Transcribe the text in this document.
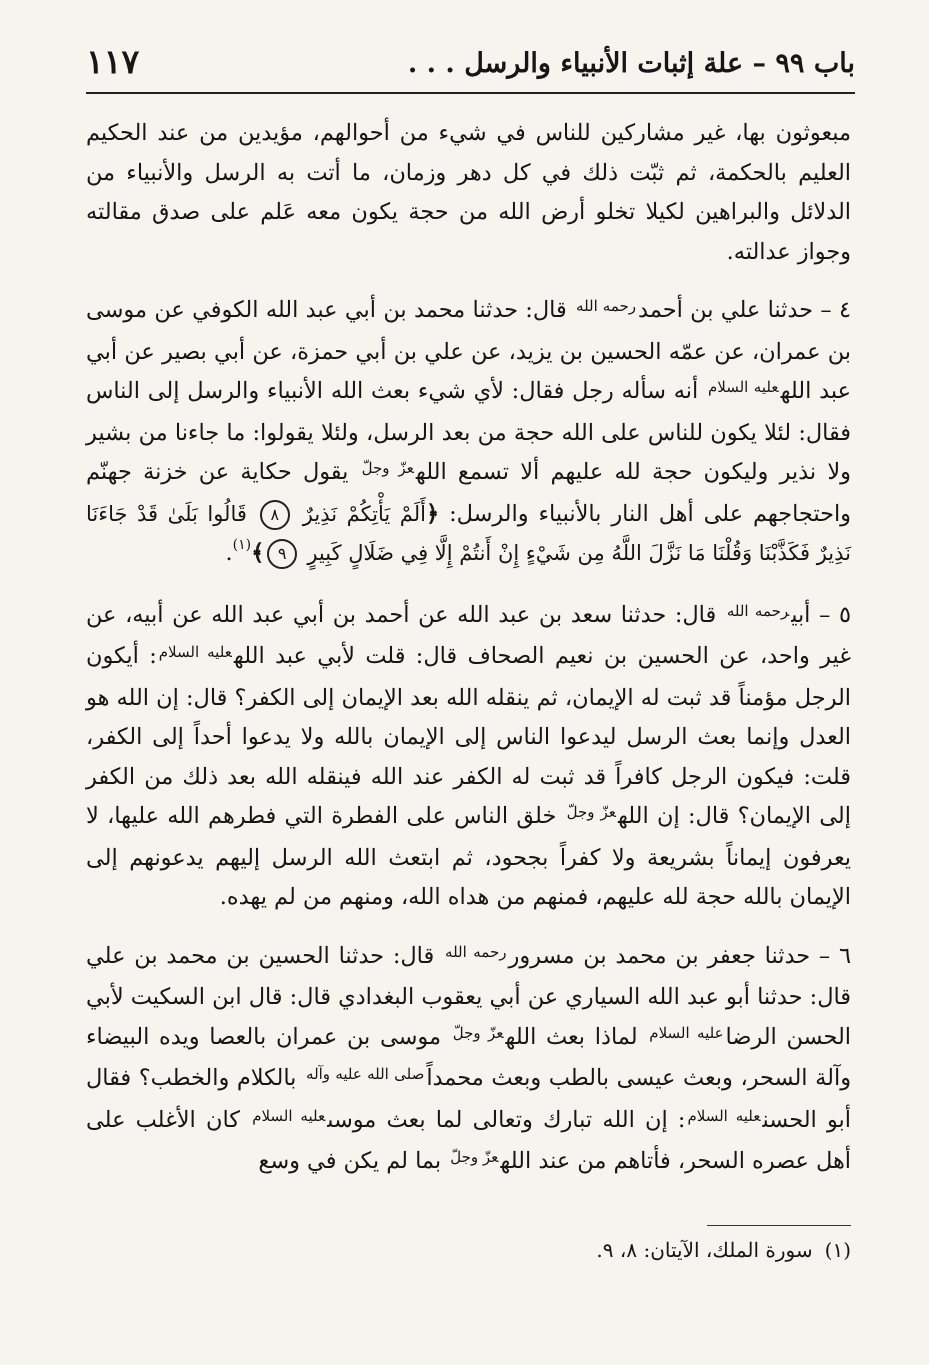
باب ٩٩ – علة إثبات الأنبياء والرسل . . .
١١٧

مبعوثون بها، غير مشاركين للناس في شيء من أحوالهم، مؤيدين من عند الحكيم العليم بالحكمة، ثم ثبّت ذلك في كل دهر وزمان، ما أتت به الرسل والأنبياء من الدلائل والبراهين لكيلا تخلو أرض الله من حجة يكون معه عَلم على صدق مقالته وجواز عدالته.

٤ – حدثنا علي بن أحمد$^{رحمه الله}$ قال: حدثنا محمد بن أبي عبد الله الكوفي عن موسى بن عمران، عن عمّه الحسين بن يزيد، عن علي بن أبي حمزة، عن أبي بصير عن أبي عبد الله$^{عليه السلام}$ أنه سأله رجل فقال: لأي شيء بعث الله الأنبياء والرسل إلى الناس فقال: لئلا يكون للناس على الله حجة من بعد الرسل، ولئلا يقولوا: ما جاءنا من بشير ولا نذير وليكون حجة لله عليهم ألا تسمع الله$^{عزّ وجلّ}$ يقول حكاية عن خزنة جهنّم واحتجاجهم على أهل النار بالأنبياء والرسل: ﴿أَلَمْ يَأْتِكُمْ نَذِيرٌ ٨ قَالُوا بَلَىٰ قَدْ جَاءَنَا نَذِيرٌ فَكَذَّبْنَا وَقُلْنَا مَا نَزَّلَ اللَّهُ مِن شَيْءٍ إِنْ أَنتُمْ إِلَّا فِي ضَلَالٍ كَبِيرٍ ٩﴾$^{(١)}$.

٥ – أبي$^{رحمه الله}$ قال: حدثنا سعد بن عبد الله عن أحمد بن أبي عبد الله عن أبيه، عن غير واحد، عن الحسين بن نعيم الصحاف قال: قلت لأبي عبد الله$^{عليه السلام}$: أيكون الرجل مؤمناً قد ثبت له الإيمان، ثم ينقله الله بعد الإيمان إلى الكفر؟ قال: إن الله هو العدل وإنما بعث الرسل ليدعوا الناس إلى الإيمان بالله ولا يدعوا أحداً إلى الكفر، قلت: فيكون الرجل كافراً قد ثبت له الكفر عند الله فينقله الله بعد ذلك من الكفر إلى الإيمان؟ قال: إن الله$^{عزّ وجلّ}$ خلق الناس على الفطرة التي فطرهم الله عليها، لا يعرفون إيماناً بشريعة ولا كفراً بجحود، ثم ابتعث الله الرسل إليهم يدعونهم إلى الإيمان بالله حجة لله عليهم، فمنهم من هداه الله، ومنهم من لم يهده.

٦ – حدثنا جعفر بن محمد بن مسرور$^{رحمه الله}$ قال: حدثنا الحسين بن محمد بن علي قال: حدثنا أبو عبد الله السياري عن أبي يعقوب البغدادي قال: قال ابن السكيت لأبي الحسن الرضا$^{عليه السلام}$ لماذا بعث الله$^{عزّ وجلّ}$ موسى بن عمران بالعصا ويده البيضاء وآلة السحر، وبعث عيسى بالطب وبعث محمداً$^{صلى الله عليه وآله}$ بالكلام والخطب؟ فقال أبو الحسن$^{عليه السلام}$: إن الله تبارك وتعالى لما بعث موسى$^{عليه السلام}$ كان الأغلب على أهل عصره السحر، فأتاهم من عند الله$^{عزّ وجلّ}$ بما لم يكن في وسع

(١)سورة الملك، الآيتان: ٨، ٩.
